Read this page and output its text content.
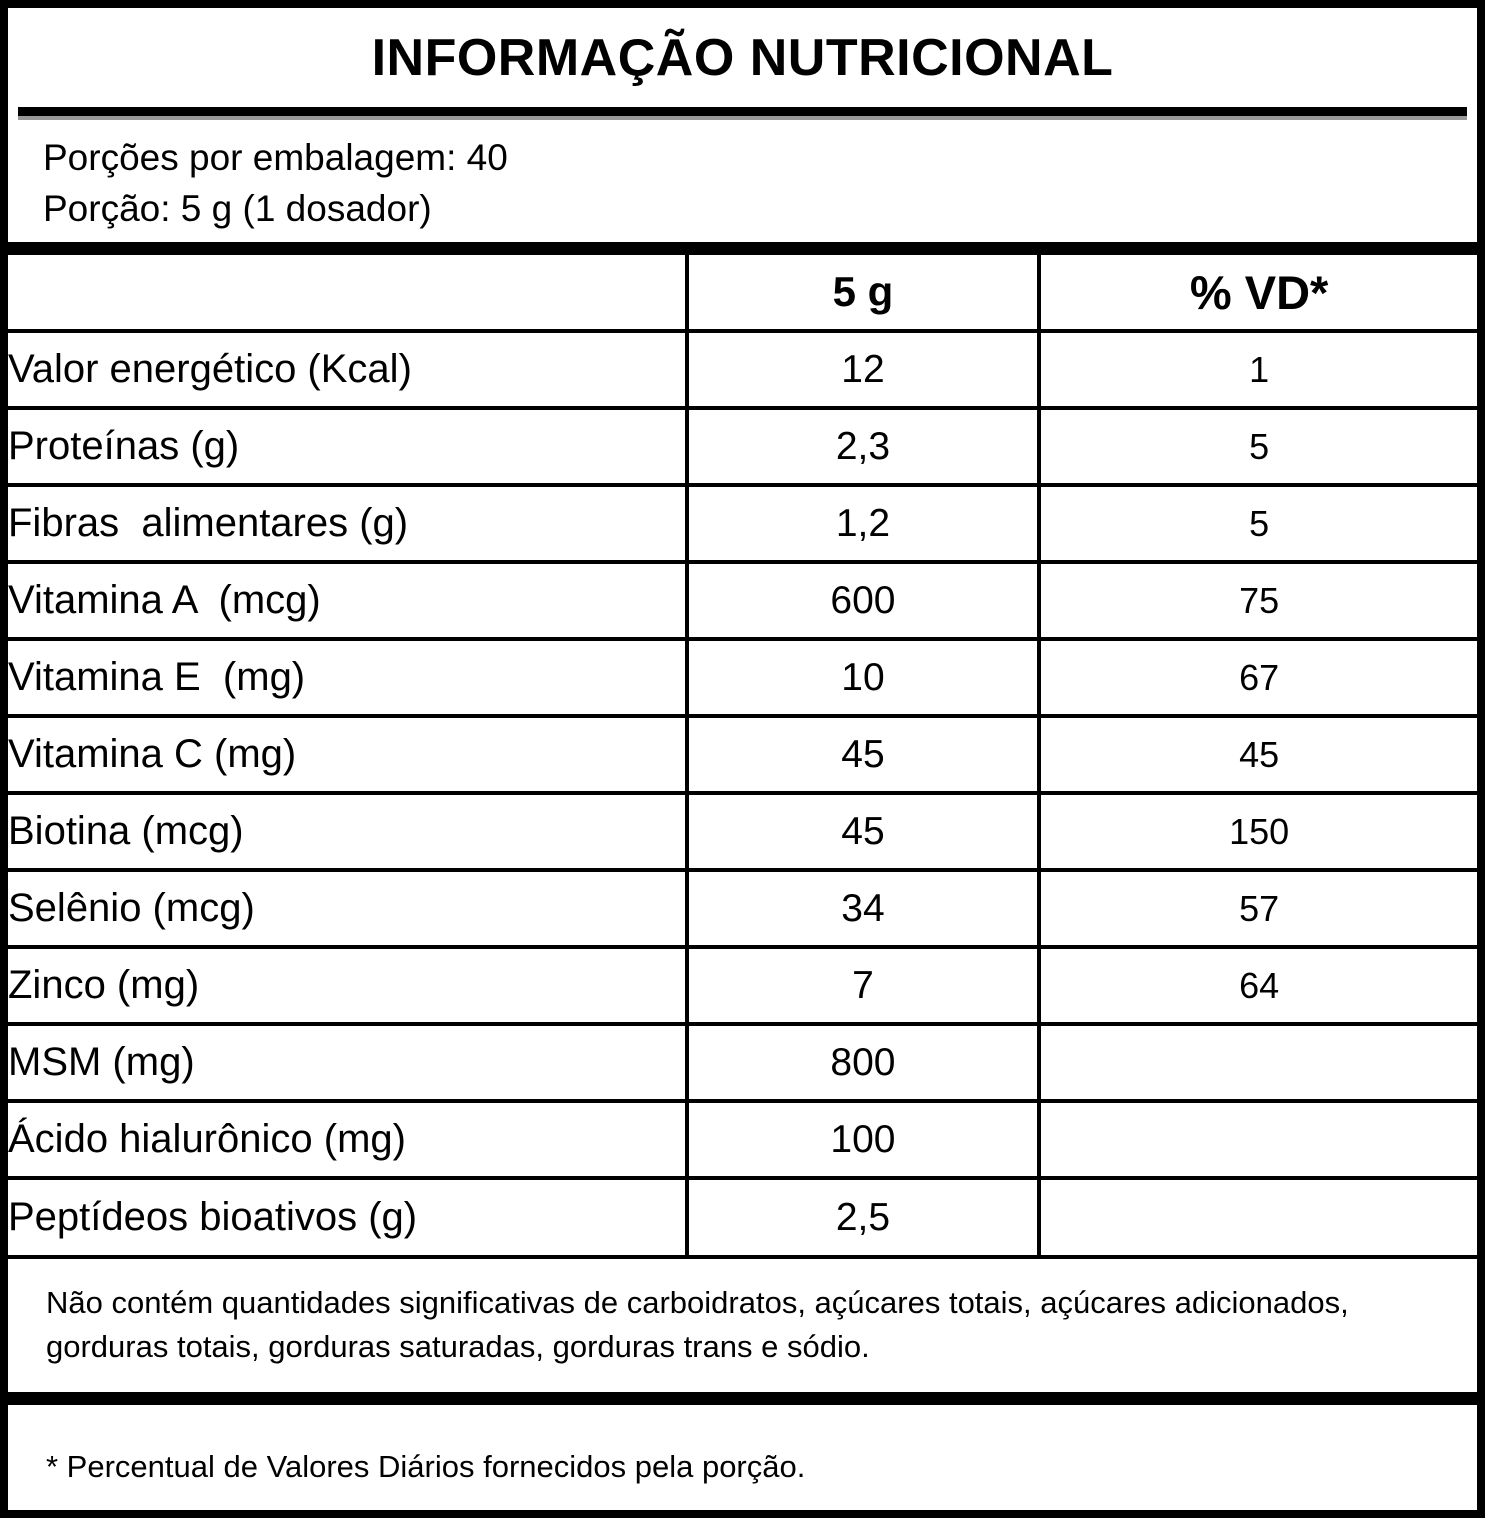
INFORMAÇÃO NUTRICIONAL
Porções por embalagem: 40
Porção: 5 g (1 dosador)
	5 g	% VD*
Valor energético (Kcal)	12	1
Proteínas (g)	2,3	5
Fibras  alimentares (g)	1,2	5
Vitamina A  (mcg)	600	75
Vitamina E  (mg)	10	67
Vitamina C (mg)	45	45
Biotina (mcg)	45	150
Selênio (mcg)	34	57
Zinco (mg)	7	64
MSM (mg)	800	
Ácido hialurônico (mg)	100	
Peptídeos bioativos (g)	2,5	
Não contém quantidades significativas de carboidratos, açúcares totais, açúcares adicionados, gorduras totais, gorduras saturadas, gorduras trans e sódio.
* Percentual de Valores Diários fornecidos pela porção.
